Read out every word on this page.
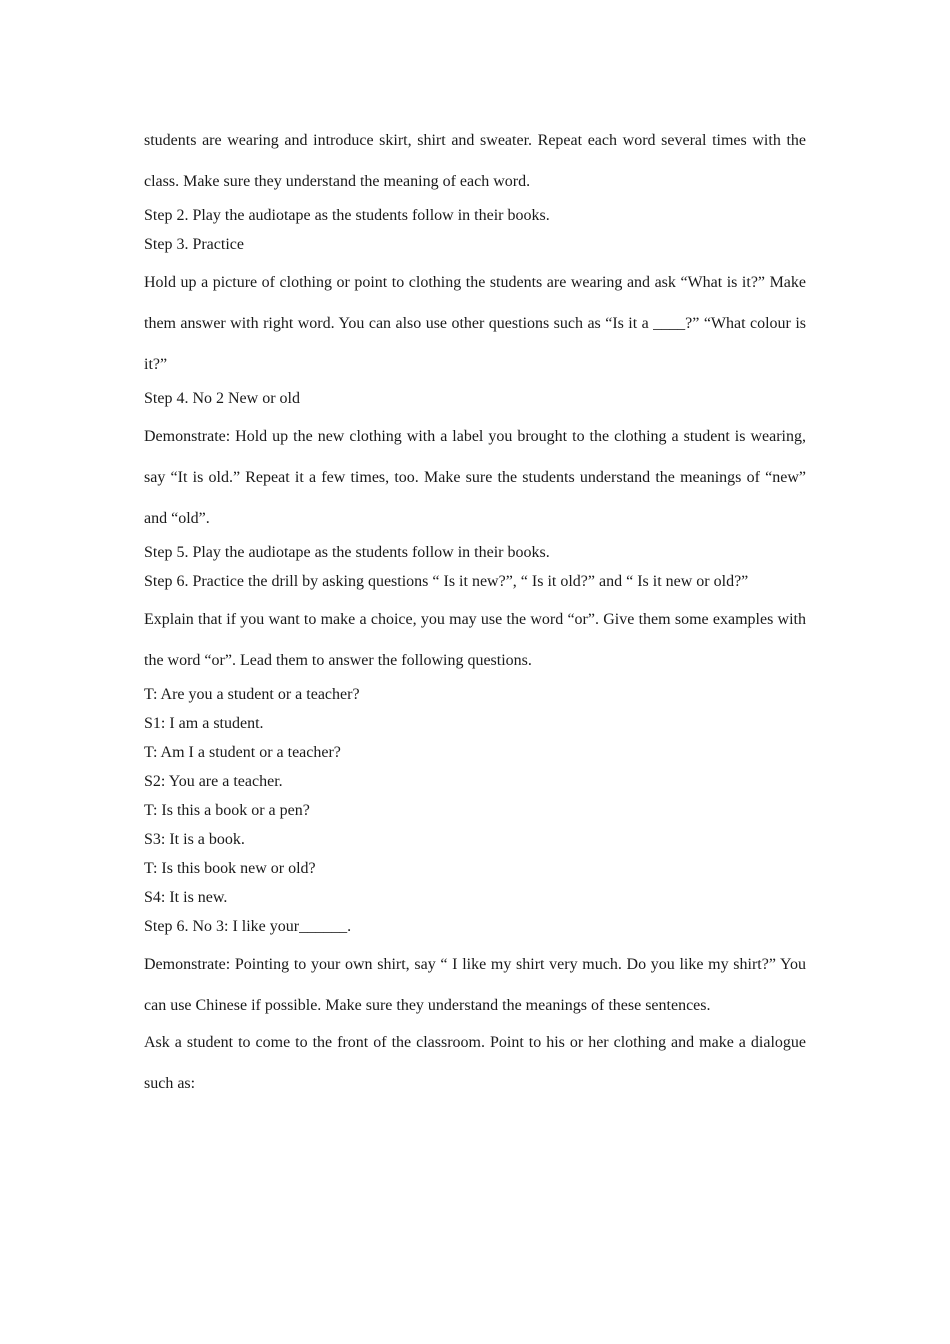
students are wearing and introduce skirt, shirt and sweater. Repeat each word several times with the class. Make sure they understand the meaning of each word.

Step 2. Play the audiotape as the students follow in their books.

Step 3. Practice

Hold up a picture of clothing or point to clothing the students are wearing and ask “What is it?” Make them answer with right word. You can also use other questions such as “Is it a ____?” “What colour is it?”

Step 4. No 2 New or old

Demonstrate: Hold up the new clothing with a label you brought to the clothing a student is wearing, say “It is old.” Repeat it a few times, too. Make sure the students understand the meanings of “new” and “old”.

Step 5. Play the audiotape as the students follow in their books.

Step 6. Practice the drill by asking questions “ Is it new?”, “ Is it old?” and “ Is it new or old?”

Explain that if you want to make a choice, you may use the word “or”. Give them some examples with the word “or”. Lead them to answer the following questions.

T: Are you a student or a teacher?

S1: I am a student.

T: Am I a student or a teacher?

S2: You are a teacher.

T: Is this a book or a pen?

S3: It is a book.

T: Is this book new or old?

S4: It is new.

Step 6. No 3: I like your______.

Demonstrate: Pointing to your own shirt, say “ I like my shirt very much. Do you like my shirt?” You can use Chinese if possible. Make sure they understand the meanings of these sentences.

Ask a student to come to the front of the classroom. Point to his or her clothing and make a dialogue such as:
